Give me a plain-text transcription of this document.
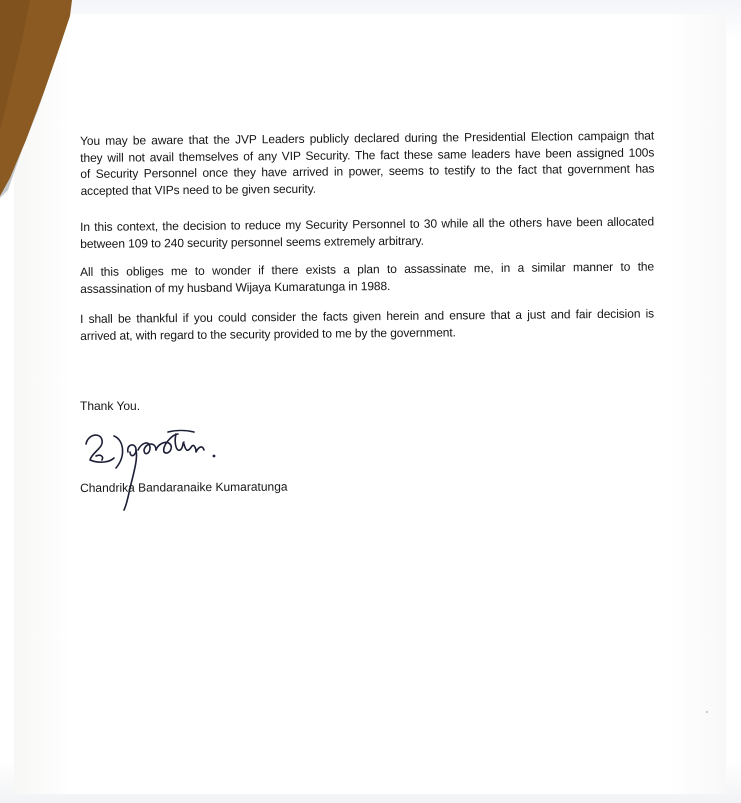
You may be aware that the JVP Leaders publicly declared during the Presidential Election campaign that
they will not avail themselves of any VIP Security. The fact these same leaders have been assigned 100s
of Security Personnel once they have arrived in power, seems to testify to the fact that government has
accepted that VIPs need to be given security.
In this context, the decision to reduce my Security Personnel to 30 while all the others have been allocated
between 109 to 240 security personnel seems extremely arbitrary.
All this obliges me to wonder if there exists a plan to assassinate me, in a similar manner to the
assassination of my husband Wijaya Kumaratunga in 1988.
I shall be thankful if you could consider the facts given herein and ensure that a just and fair decision is
arrived at, with regard to the security provided to me by the government.

Thank You.

Chandrika Bandaranaike Kumaratunga
